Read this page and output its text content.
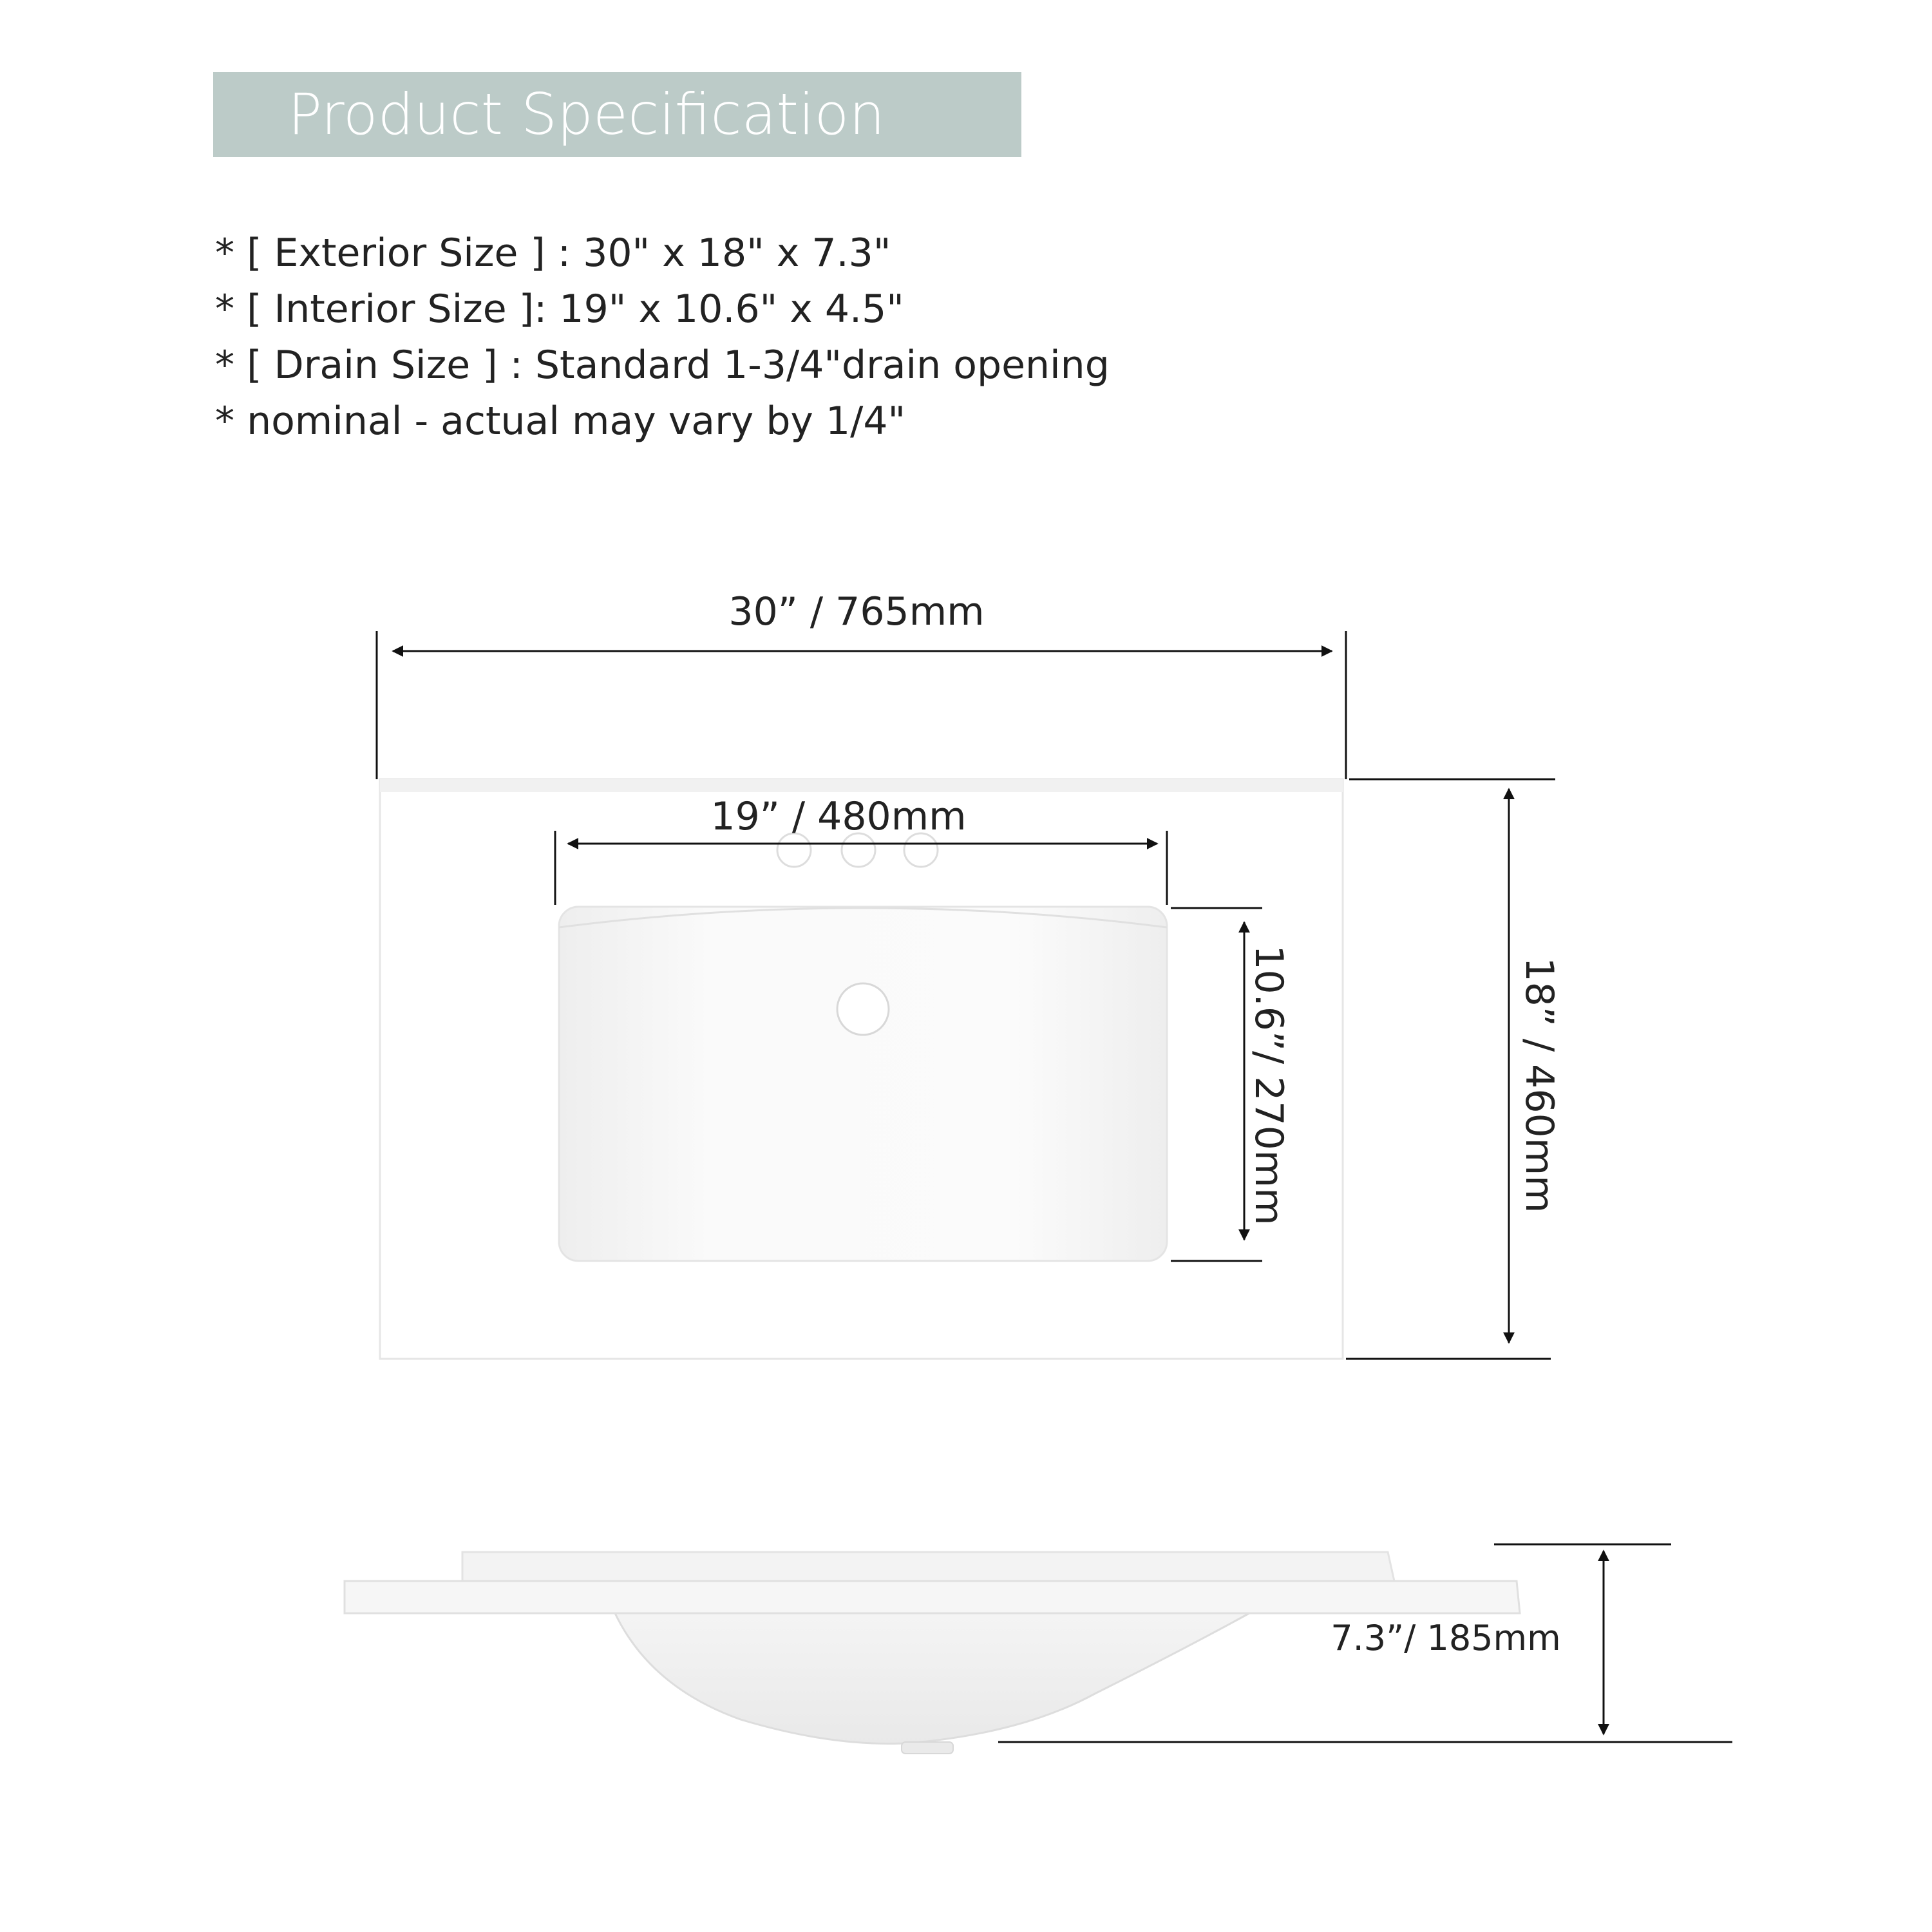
Product Specification
* [ Exterior Size ] : 30" x 18" x 7.3"
* [ Interior Size ]: 19" x 10.6" x 4.5"
* [ Drain Size ] : Standard 1-3/4"drain opening
* nominal - actual may vary by 1/4"
30” / 765mm
19” / 480mm
10.6”/ 270mm	18” / 460mm
7.3”/ 185mm
